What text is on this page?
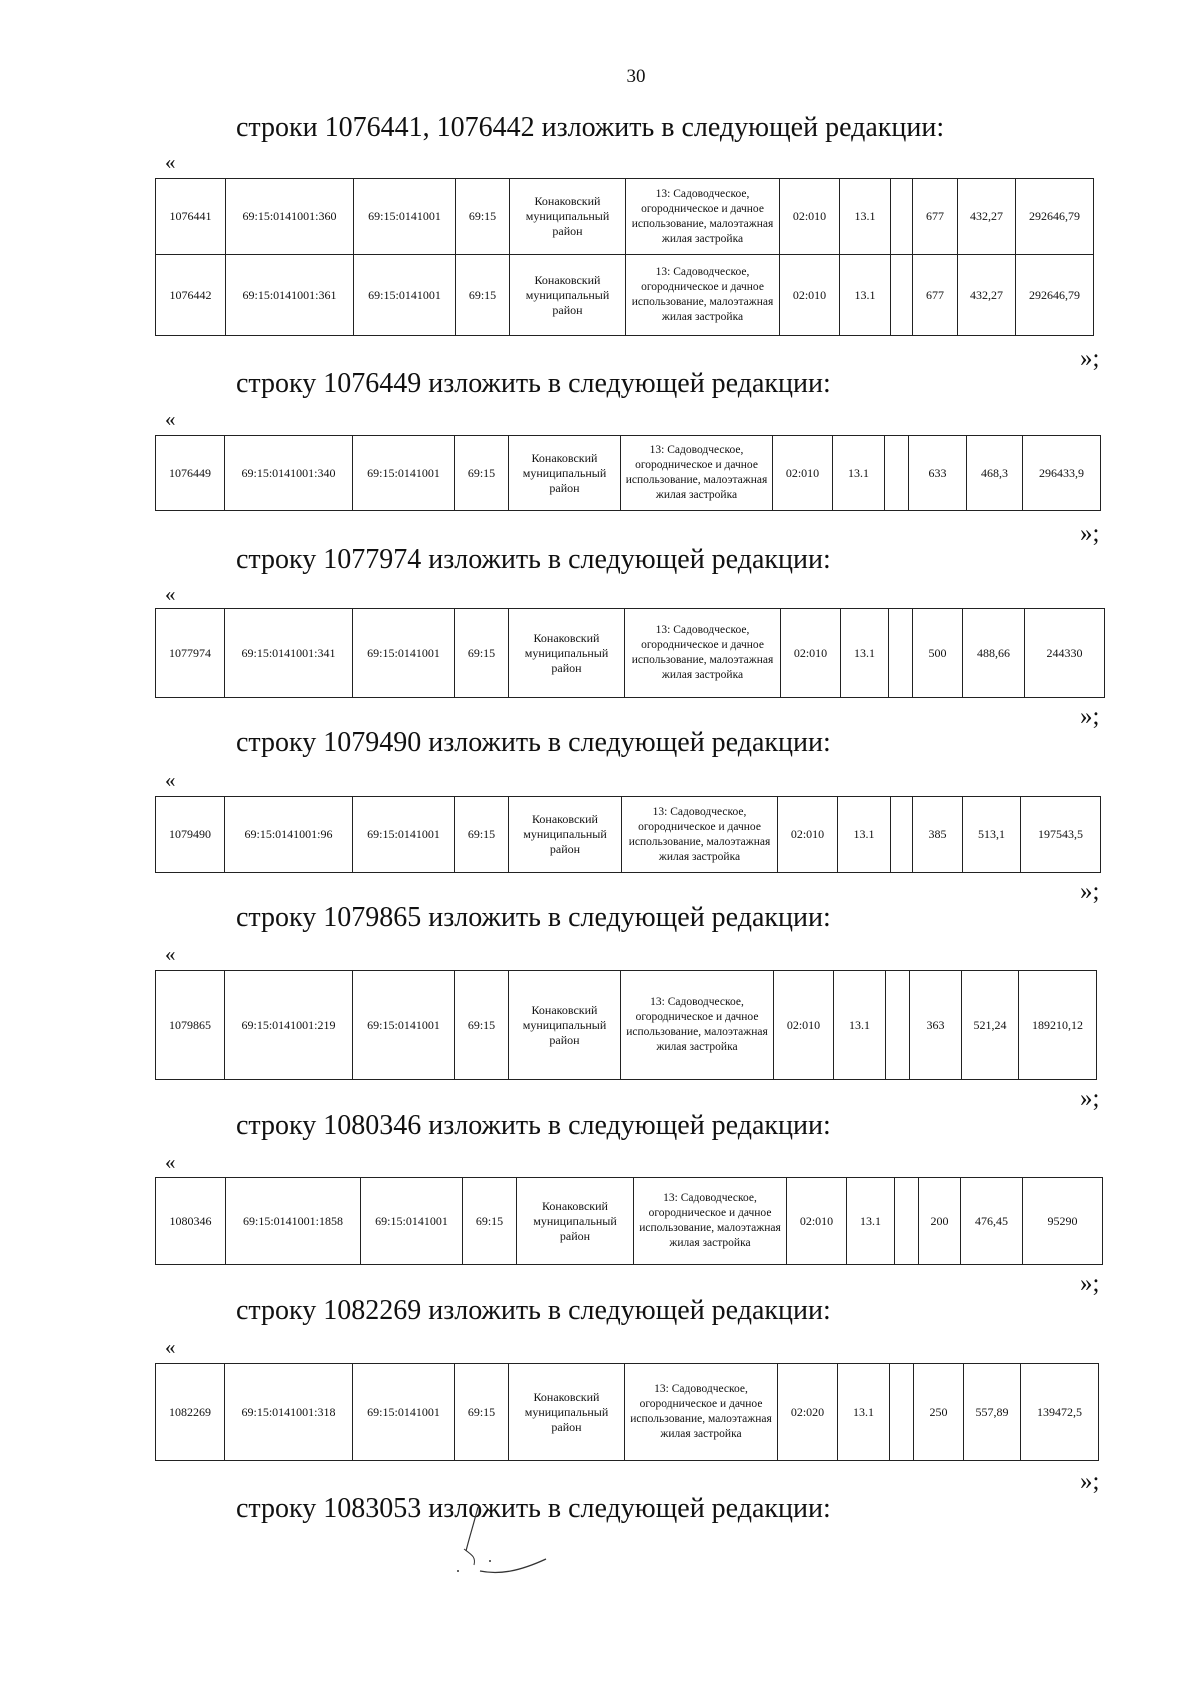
30
строки 1076441, 1076442 изложить в следующей редакции:
«
1076441	69:15:0141001:360	69:15:0141001	69:15	Конаковский муниципальный район	13: Садоводческое, огородническое и дачное использование, малоэтажная жилая застройка	02:010	13.1		677	432,27	292646,79
1076442	69:15:0141001:361	69:15:0141001	69:15	Конаковский муниципальный район	13: Садоводческое, огородническое и дачное использование, малоэтажная жилая застройка	02:010	13.1		677	432,27	292646,79
»;
строку 1076449 изложить в следующей редакции:
«
1076449	69:15:0141001:340	69:15:0141001	69:15	Конаковский муниципальный район	13: Садоводческое, огородническое и дачное использование, малоэтажная жилая застройка	02:010	13.1		633	468,3	296433,9
»;
строку 1077974 изложить в следующей редакции:
«
1077974	69:15:0141001:341	69:15:0141001	69:15	Конаковский муниципальный район	13: Садоводческое, огородническое и дачное использование, малоэтажная жилая застройка	02:010	13.1		500	488,66	244330
»;
строку 1079490 изложить в следующей редакции:
«
1079490	69:15:0141001:96	69:15:0141001	69:15	Конаковский муниципальный район	13: Садоводческое, огородническое и дачное использование, малоэтажная жилая застройка	02:010	13.1		385	513,1	197543,5
»;
строку 1079865 изложить в следующей редакции:
«
1079865	69:15:0141001:219	69:15:0141001	69:15	Конаковский муниципальный район	13: Садоводческое, огородническое и дачное использование, малоэтажная жилая застройка	02:010	13.1		363	521,24	189210,12
»;
строку 1080346 изложить в следующей редакции:
«
1080346	69:15:0141001:1858	69:15:0141001	69:15	Конаковский муниципальный район	13: Садоводческое, огородническое и дачное использование, малоэтажная жилая застройка	02:010	13.1		200	476,45	95290
»;
строку 1082269 изложить в следующей редакции:
«
1082269	69:15:0141001:318	69:15:0141001	69:15	Конаковский муниципальный район	13: Садоводческое, огородническое и дачное использование, малоэтажная жилая застройка	02:020	13.1		250	557,89	139472,5
»;
строку 1083053 изложить в следующей редакции:
